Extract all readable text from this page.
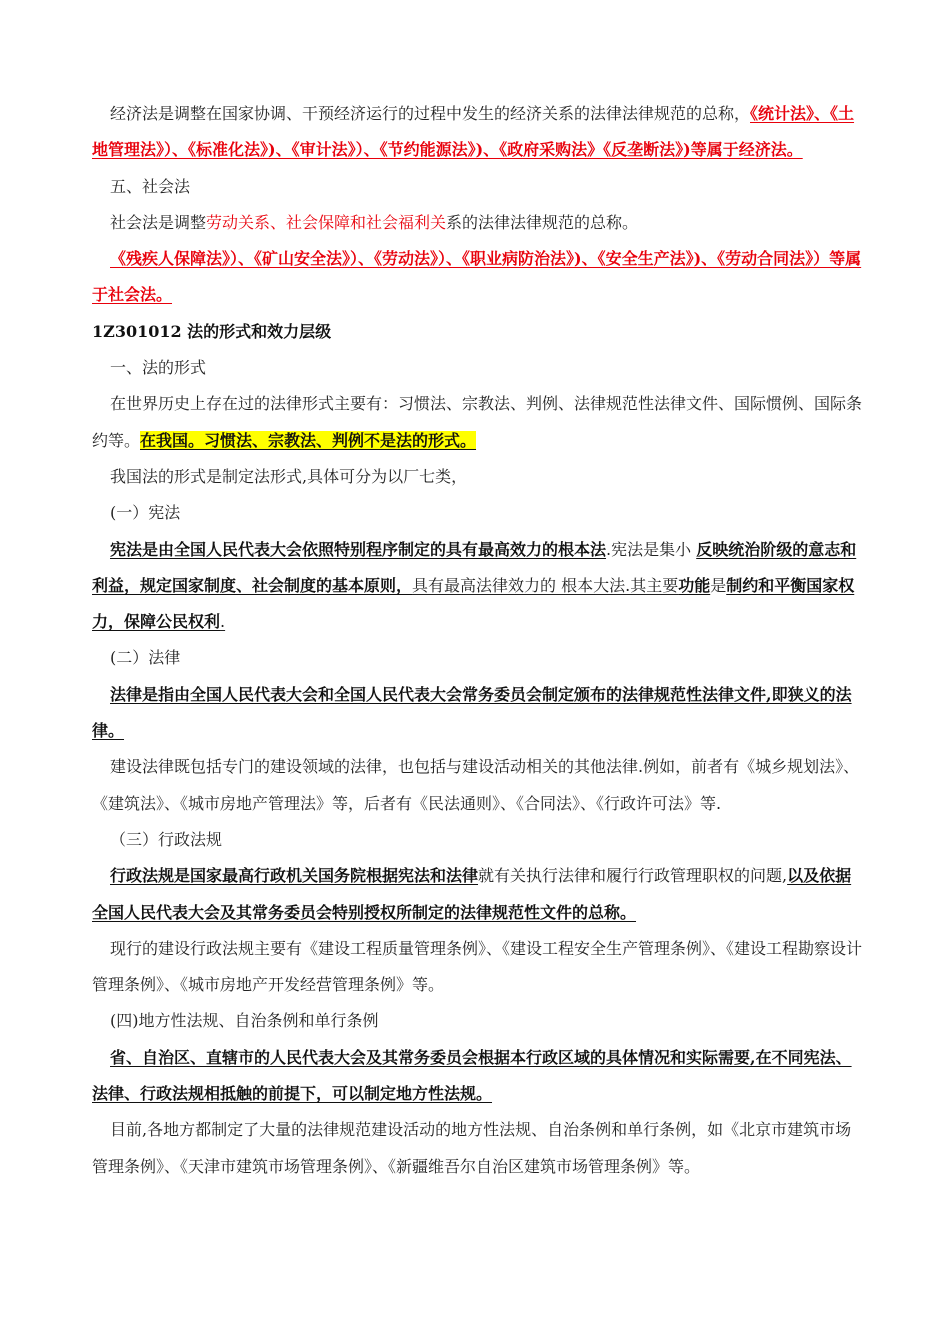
经济法是调整在国家协调、干预经济运行的过程中发生的经济关系的法律法律规范的总称，《统计法》、《土地管理法》）、《标准化法》)、《审计法》）、《节约能源法》)、《政府采购法》《反垄断法》)等属于经济法。

五、社会法

社会法是调整劳动关系、社会保障和社会福利关系的法律法律规范的总称。

《残疾人保障法》）、《矿山安全法》）、《劳动法》）、《职业病防治法》)、《安全生产法》)、《劳动合同法》）等属于社会法。

1Z301012 法的形式和效力层级

一、法的形式

在世界历史上存在过的法律形式主要有：习惯法、宗教法、判例、法律规范性法律文件、国际惯例、国际条约等。在我国。习惯法、宗教法、判例不是法的形式。

我国法的形式是制定法形式,具体可分为以厂七类，

(一）宪法

宪法是由全国人民代表大会依照特别程序制定的具有最高效力的根本法.宪法是集小 反映统治阶级的意志和利益，规定国家制度、社会制度的基本原则，具有最高法律效力的 根本大法.其主要功能是制约和平衡国家权力，保障公民权利.

(二）法律

法律是指由全国人民代表大会和全国人民代表大会常务委员会制定颁布的法律规范性法律文件,即狭义的法律。

建设法律既包括专门的建设领域的法律，也包括与建设活动相关的其他法律.例如，前者有《城乡规划法》、《建筑法》、《城市房地产管理法》等，后者有《民法通则》、《合同法》、《行政许可法》等.

（三）行政法规

行政法规是国家最高行政机关国务院根据宪法和法律就有关执行法律和履行行政管理职权的问题,以及依据全国人民代表大会及其常务委员会特别授权所制定的法律规范性文件的总称。

现行的建设行政法规主要有《建设工程质量管理条例》、《建设工程安全生产管理条例》、《建设工程勘察设计管理条例》、《城市房地产开发经营管理条例》等。

(四)地方性法规、自治条例和单行条例

省、自治区、直辖市的人民代表大会及其常务委员会根据本行政区域的具体情况和实际需要,在不同宪法、法律、行政法规相抵触的前提下，可以制定地方性法规。

目前,各地方都制定了大量的法律规范建设活动的地方性法规、自治条例和单行条例，如《北京市建筑市场管理条例》、《天津市建筑市场管理条例》、《新疆维吾尔自治区建筑市场管理条例》等。
